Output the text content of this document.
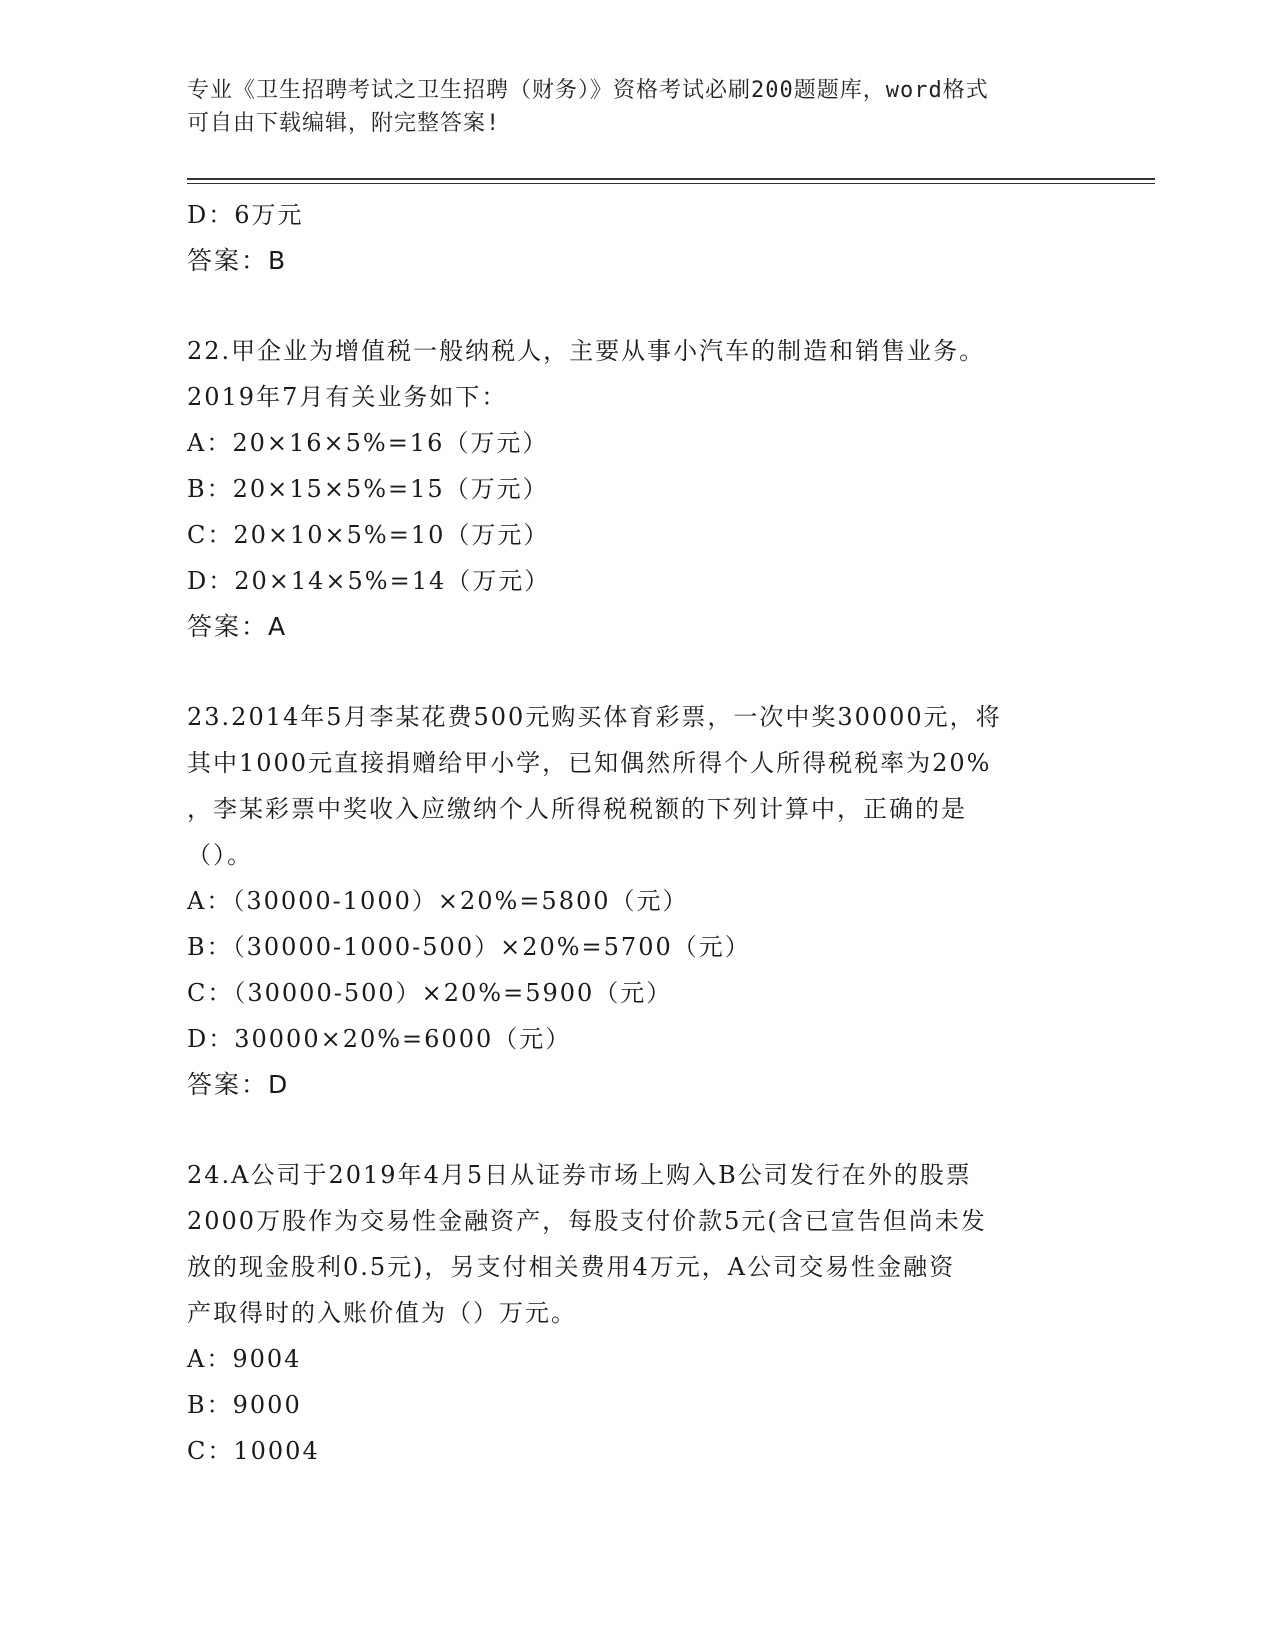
专业《卫生招聘考试之卫生招聘（财务）》资格考试必刷200题题库，word格式
可自由下载编辑，附完整答案!
D：6万元
答案：B
22.甲企业为增值税一般纳税人，主要从事小汽车的制造和销售业务。
2019年7月有关业务如下：
A：20×16×5%=16（万元）
B：20×15×5%=15（万元）
C：20×10×5%=10（万元）
D：20×14×5%=14（万元）
答案：A
23.2014年5月李某花费500元购买体育彩票，一次中奖30000元，将
其中1000元直接捐赠给甲小学，已知偶然所得个人所得税税率为20%
，李某彩票中奖收入应缴纳个人所得税税额的下列计算中，正确的是
（）。
A：（30000-1000）×20%=5800（元）
B：（30000-1000-500）×20%=5700（元）
C：（30000-500）×20%=5900（元）
D：30000×20%=6000（元）
答案：D
24.A公司于2019年4月5日从证券市场上购入B公司发行在外的股票
2000万股作为交易性金融资产，每股支付价款5元(含已宣告但尚未发
放的现金股利0.5元)，另支付相关费用4万元，A公司交易性金融资
产取得时的入账价值为（）万元。
A：9004
B：9000
C：10004
